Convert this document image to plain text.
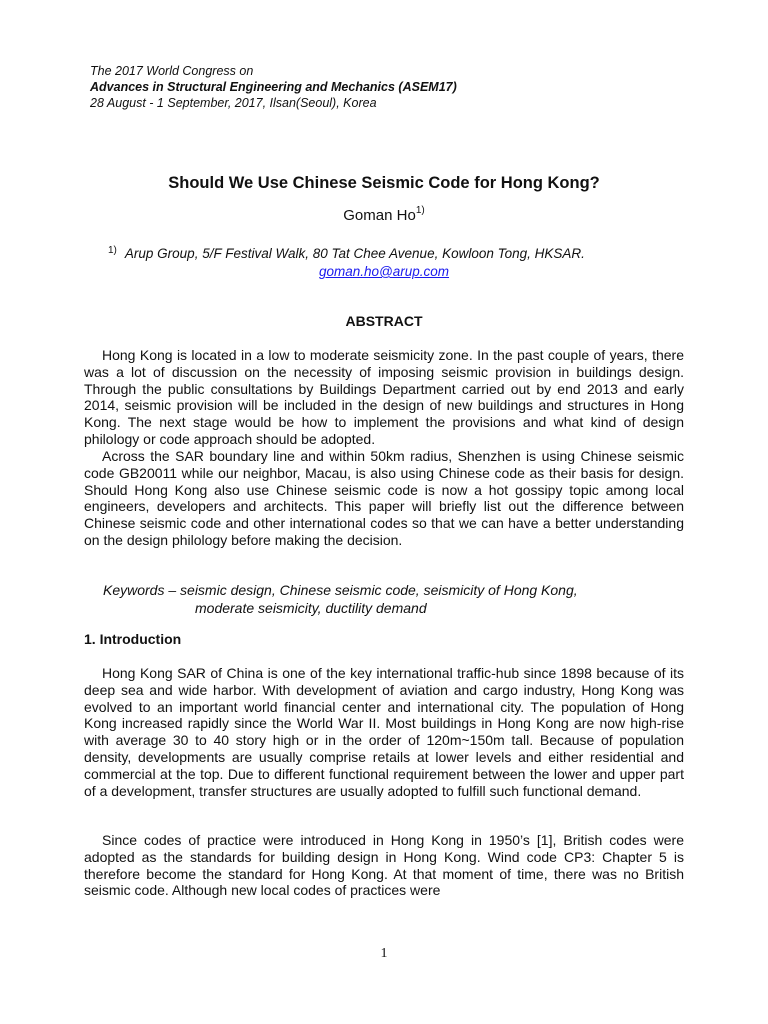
The 2017 World Congress on
Advances in Structural Engineering and Mechanics (ASEM17)
28 August - 1 September, 2017, Ilsan(Seoul), Korea
Should We Use Chinese Seismic Code for Hong Kong?
Goman Ho$^{1)}$
$^{1)}$ Arup Group, 5/F Festival Walk, 80 Tat Chee Avenue, Kowloon Tong, HKSAR.
goman.ho@arup.com
ABSTRACT
Hong Kong is located in a low to moderate seismicity zone. In the past couple of years, there was a lot of discussion on the necessity of imposing seismic provision in buildings design. Through the public consultations by Buildings Department carried out by end 2013 and early 2014, seismic provision will be included in the design of new buildings and structures in Hong Kong. The next stage would be how to implement the provisions and what kind of design philology or code approach should be adopted.
Across the SAR boundary line and within 50km radius, Shenzhen is using Chinese seismic code GB20011 while our neighbor, Macau, is also using Chinese code as their basis for design. Should Hong Kong also use Chinese seismic code is now a hot gossipy topic among local engineers, developers and architects. This paper will briefly list out the difference between Chinese seismic code and other international codes so that we can have a better understanding on the design philology before making the decision.
Keywords – seismic design, Chinese seismic code, seismicity of Hong Kong,
moderate seismicity, ductility demand
1. Introduction
Hong Kong SAR of China is one of the key international traffic-hub since 1898 because of its deep sea and wide harbor. With development of aviation and cargo industry, Hong Kong was evolved to an important world financial center and international city. The population of Hong Kong increased rapidly since the World War II. Most buildings in Hong Kong are now high-rise with average 30 to 40 story high or in the order of 120m~150m tall. Because of population density, developments are usually comprise retails at lower levels and either residential and commercial at the top. Due to different functional requirement between the lower and upper part of a development, transfer structures are usually adopted to fulfill such functional demand.
Since codes of practice were introduced in Hong Kong in 1950’s [1], British codes were adopted as the standards for building design in Hong Kong. Wind code CP3: Chapter 5 is therefore become the standard for Hong Kong. At that moment of time, there was no British seismic code. Although new local codes of practices were
1
